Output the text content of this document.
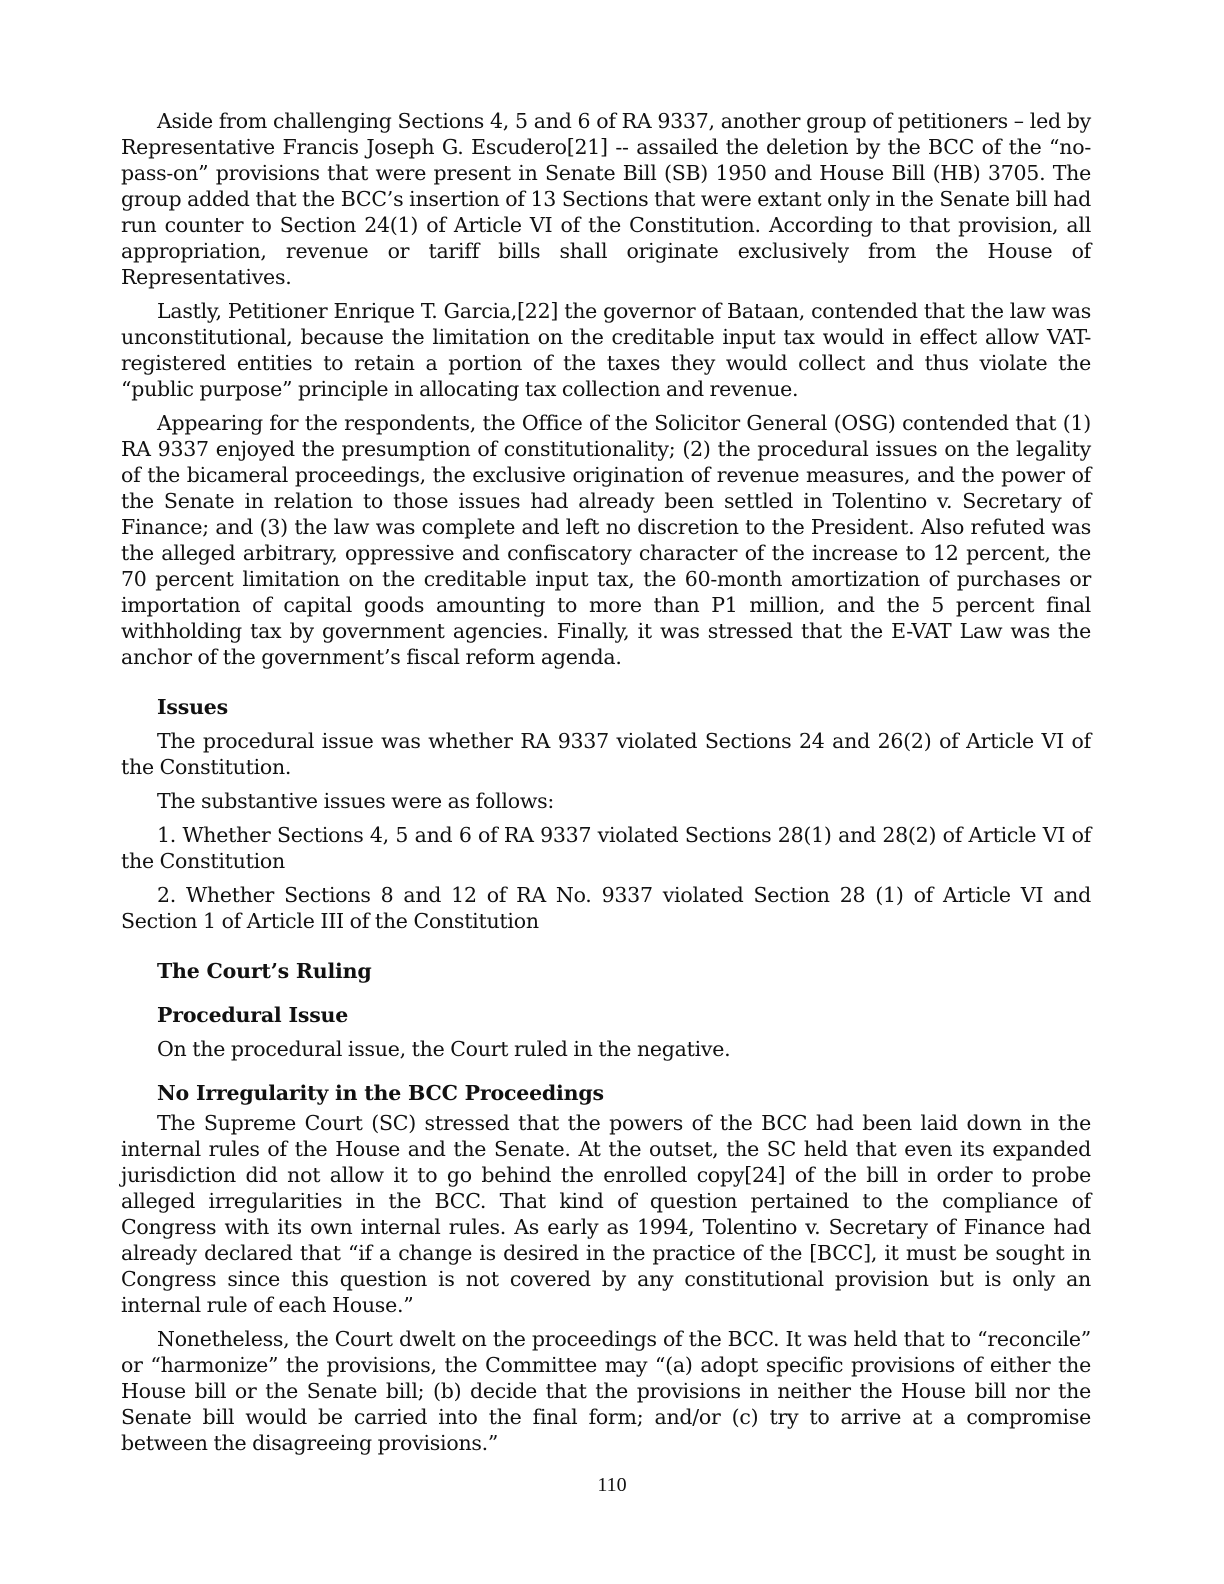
Aside from challenging Sections 4, 5 and 6 of RA 9337, another group of petitioners – led by Representative Francis Joseph G. Escudero[21] -- assailed the deletion by the BCC of the “no-pass-on” provisions that were present in Senate Bill (SB) 1950 and House Bill (HB) 3705. The group added that the BCC’s insertion of 13 Sections that were extant only in the Senate bill had run counter to Section 24(1) of Article VI of the Constitution. According to that provision, all appropriation, revenue or tariff bills shall originate exclusively from the House of Representatives.

Lastly, Petitioner Enrique T. Garcia,[22] the governor of Bataan, contended that the law was unconstitutional, because the limitation on the creditable input tax would in effect allow VAT-registered entities to retain a portion of the taxes they would collect and thus violate the “public purpose” principle in allocating tax collection and revenue.

Appearing for the respondents, the Office of the Solicitor General (OSG) contended that (1) RA 9337 enjoyed the presumption of constitutionality; (2) the procedural issues on the legality of the bicameral proceedings, the exclusive origination of revenue measures, and the power of the Senate in relation to those issues had already been settled in Tolentino v. Secretary of Finance; and (3) the law was complete and left no discretion to the President. Also refuted was the alleged arbitrary, oppressive and confiscatory character of the increase to 12 percent, the 70 percent limitation on the creditable input tax, the 60-month amortization of purchases or importation of capital goods amounting to more than P1 million, and the 5 percent final withholding tax by government agencies. Finally, it was stressed that the E-VAT Law was the anchor of the government’s fiscal reform agenda.

Issues

The procedural issue was whether RA 9337 violated Sections 24 and 26(2) of Article VI of the Constitution.

The substantive issues were as follows:

1. Whether Sections 4, 5 and 6 of RA 9337 violated Sections 28(1) and 28(2) of Article VI of the Constitution

2. Whether Sections 8 and 12 of RA No. 9337 violated Section 28 (1) of Article VI and Section 1 of Article III of the Constitution

The Court’s Ruling
Procedural Issue

On the procedural issue, the Court ruled in the negative.

No Irregularity in the BCC Proceedings

The Supreme Court (SC) stressed that the powers of the BCC had been laid down in the internal rules of the House and the Senate. At the outset, the SC held that even its expanded jurisdiction did not allow it to go behind the enrolled copy[24] of the bill in order to probe alleged irregularities in the BCC. That kind of question pertained to the compliance of Congress with its own internal rules. As early as 1994, Tolentino v. Secretary of Finance had already declared that “if a change is desired in the practice of the [BCC], it must be sought in Congress since this question is not covered by any constitutional provision but is only an internal rule of each House.”

Nonetheless, the Court dwelt on the proceedings of the BCC. It was held that to “reconcile” or “harmonize” the provisions, the Committee may “(a) adopt specific provisions of either the House bill or the Senate bill; (b) decide that the provisions in neither the House bill nor the Senate bill would be carried into the final form; and/or (c) try to arrive at a compromise between the disagreeing provisions.”

110
